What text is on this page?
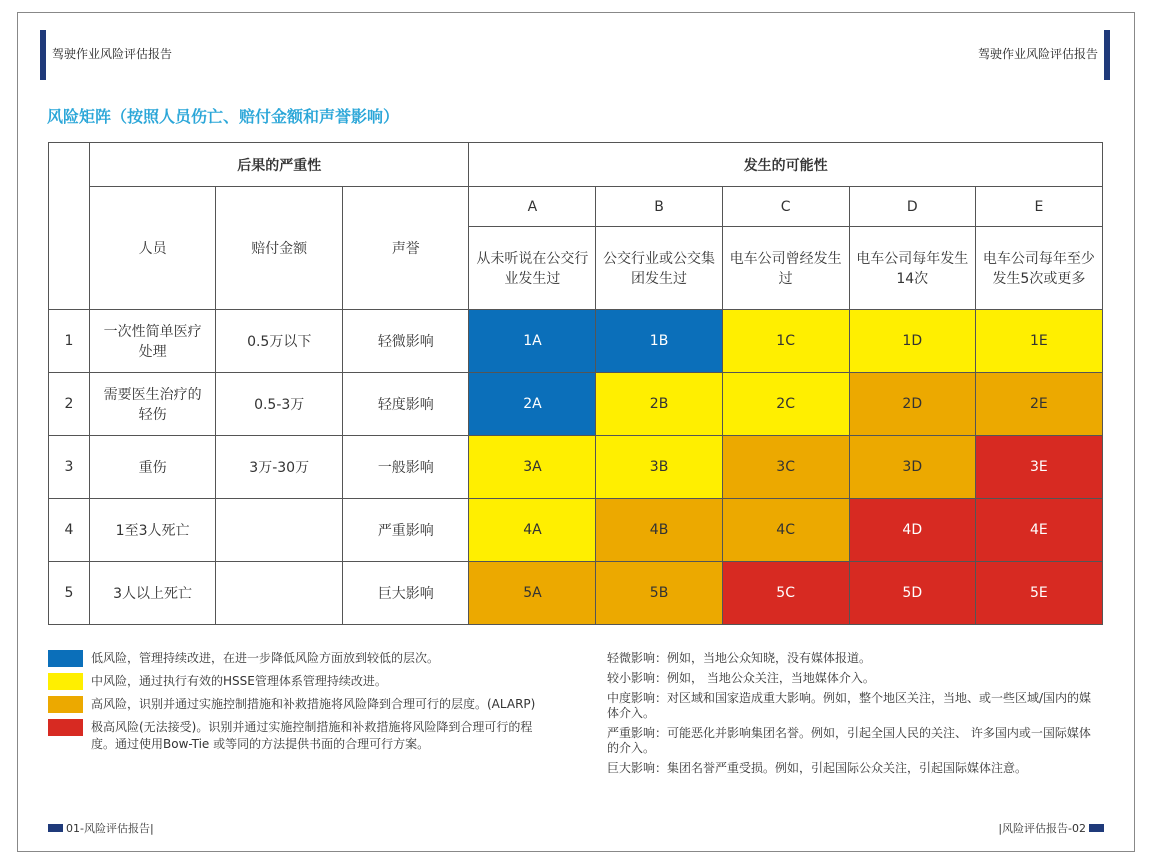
驾驶作业风险评估报告	驾驶作业风险评估报告
风险矩阵（按照人员伤亡、赔付金额和声誉影响）
	后果的严重性			发生的可能性				
	人员	赔付金额	声誉	A	B	C	D	E
				从未听说在公交行业发生过	公交行业或公交集团发生过	电车公司曾经发生过	电车公司每年发生14次	电车公司每年至少发生5次或更多
1	一次性简单医疗处理	0.5万以下	轻微影响	1A	1B	1C	1D	1E
2	需要医生治疗的轻伤	0.5-3万	轻度影响	2A	2B	2C	2D	2E
3	重伤	3万-30万	一般影响	3A	3B	3C	3D	3E
4	1至3人死亡		严重影响	4A	4B	4C	4D	4E
5	3人以上死亡		巨大影响	5A	5B	5C	5D	5E
低风险，管理持续改进，在进一步降低风险方面放到较低的层次。
中风险，通过执行有效的HSSE管理体系管理持续改进。
高风险，识别并通过实施控制措施和补救措施将风险降到合理可行的层度。(ALARP)
极高风险(无法接受)。识别并通过实施控制措施和补救措施将风险降到合理可行的程度。通过使用Bow-Tie 或等同的方法提供书面的合理可行方案。
轻微影响：例如，当地公众知晓，没有媒体报道。
较小影响：例如， 当地公众关注，当地媒体介入。
中度影响：对区域和国家造成重大影响。例如，整个地区关注，当地、或一些区域/国内的媒体介入。
严重影响：可能恶化并影响集团名誉。例如，引起全国人民的关注、 许多国内或一国际媒体的介入。
巨大影响：集团名誉严重受损。例如，引起国际公众关注，引起国际媒体注意。
01-风险评估报告|	|风险评估报告-02
